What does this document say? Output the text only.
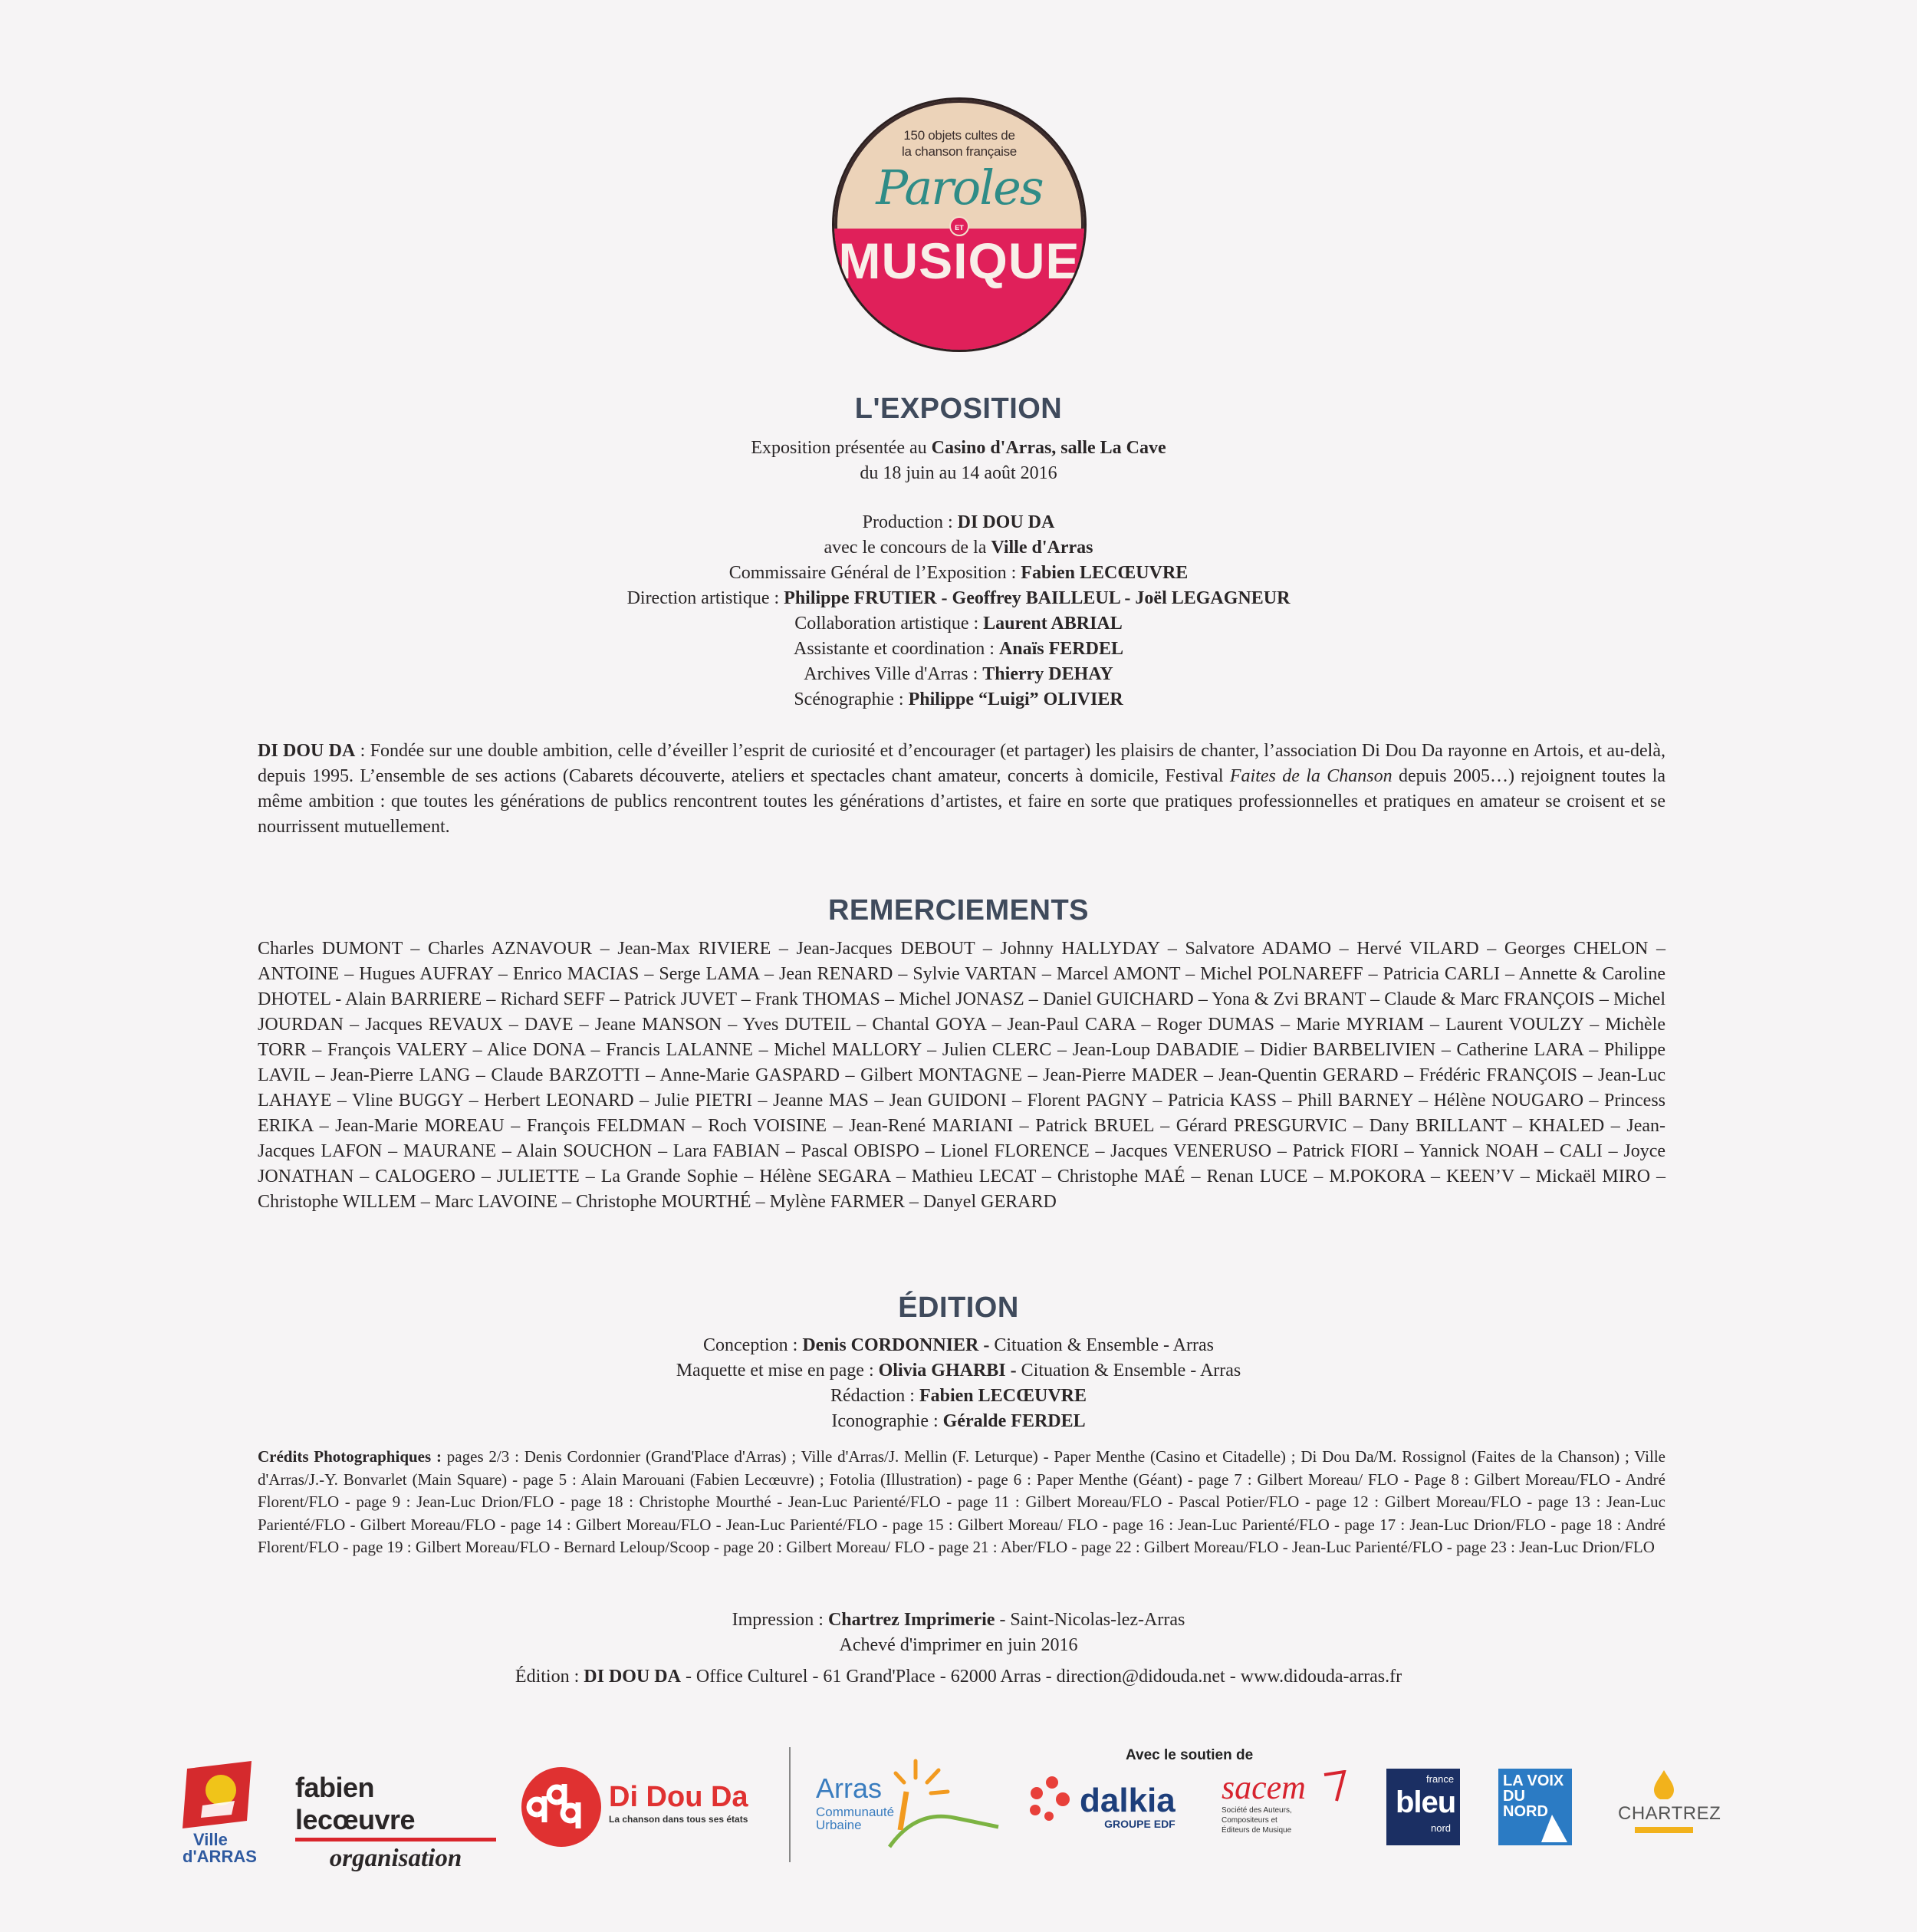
150 objets cultes de
la chanson française
Paroles
ET
MUSIQUE
L'EXPOSITION
Exposition présentée au Casino d'Arras, salle La Cave
du 18 juin au 14 août 2016
Production : DI DOU DA
avec le concours de la Ville d'Arras
Commissaire Général de l’Exposition : Fabien LECŒUVRE
Direction artistique : Philippe FRUTIER - Geoffrey BAILLEUL - Joël LEGAGNEUR
Collaboration artistique : Laurent ABRIAL
Assistante et coordination : Anaïs FERDEL
Archives Ville d'Arras : Thierry DEHAY
Scénographie : Philippe “Luigi” OLIVIER
DI DOU DA : Fondée sur une double ambition, celle d’éveiller l’esprit de curiosité et d’encourager (et partager) les plaisirs de chanter, l’association Di Dou Da rayonne en Artois, et au-delà, depuis 1995. L’ensemble de ses actions (Cabarets découverte, ateliers et spectacles chant amateur, concerts à domicile, Festival Faites de la Chanson depuis 2005…) rejoignent toutes la même ambition : que toutes les générations de publics rencontrent toutes les générations d’artistes, et faire en sorte que pratiques professionnelles et pratiques en amateur se croisent et se nourrissent mutuellement.
REMERCIEMENTS
Charles DUMONT – Charles AZNAVOUR – Jean-Max RIVIERE – Jean-Jacques DEBOUT – Johnny HALLYDAY – Salvatore ADAMO – Hervé VILARD – Georges CHELON – ANTOINE – Hugues AUFRAY – Enrico MACIAS – Serge LAMA – Jean RENARD – Sylvie VARTAN – Marcel AMONT – Michel POLNAREFF – Patricia CARLI – Annette & Caroline DHOTEL - Alain BARRIERE – Richard SEFF – Patrick JUVET – Frank THOMAS – Michel JONASZ – Daniel GUICHARD – Yona & Zvi BRANT – Claude & Marc FRANÇOIS – Michel JOURDAN – Jacques REVAUX – DAVE – Jeane MANSON – Yves DUTEIL – Chantal GOYA – Jean-Paul CARA – Roger DUMAS – Marie MYRIAM – Laurent VOULZY – Michèle TORR – François VALERY – Alice DONA – Francis LALANNE – Michel MALLORY – Julien CLERC – Jean-Loup DABADIE – Didier BARBELIVIEN – Catherine LARA – Philippe LAVIL – Jean-Pierre LANG – Claude BARZOTTI – Anne-Marie GASPARD – Gilbert MONTAGNE – Jean-Pierre MADER – Jean-Quentin GERARD – Frédéric FRANÇOIS – Jean-Luc LAHAYE – Vline BUGGY – Herbert LEONARD – Julie PIETRI – Jeanne MAS – Jean GUIDONI – Florent PAGNY – Patricia KASS – Phill BARNEY – Hélène NOUGARO – Princess ERIKA – Jean-Marie MOREAU – François FELDMAN – Roch VOISINE – Jean-René MARIANI – Patrick BRUEL – Gérard PRESGURVIC – Dany BRILLANT – KHALED – Jean-Jacques LAFON – MAURANE – Alain SOUCHON – Lara FABIAN – Pascal OBISPO – Lionel FLORENCE – Jacques VENERUSO – Patrick FIORI – Yannick NOAH – CALI – Joyce JONATHAN – CALOGERO – JULIETTE – La Grande Sophie – Hélène SEGARA – Mathieu LECAT – Christophe MAÉ – Renan LUCE – M.POKORA – KEEN’V – Mickaël MIRO – Christophe WILLEM – Marc LAVOINE – Christophe MOURTHÉ – Mylène FARMER – Danyel GERARD
ÉDITION
Conception : Denis CORDONNIER - Cituation & Ensemble - Arras
Maquette et mise en page : Olivia GHARBI - Cituation & Ensemble - Arras
Rédaction : Fabien LECŒUVRE
Iconographie : Géralde FERDEL
Crédits Photographiques : pages 2/3 : Denis Cordonnier (Grand'Place d'Arras) ; Ville d'Arras/J. Mellin (F. Leturque) - Paper Menthe (Casino et Citadelle) ; Di Dou Da/M. Rossignol (Faites de la Chanson) ; Ville d'Arras/J.-Y. Bonvarlet (Main Square) - page 5 : Alain Marouani (Fabien Lecœuvre) ; Fotolia (Illustration) - page 6 : Paper Menthe (Géant) - page 7 : Gilbert Moreau/ FLO - Page 8 : Gilbert Moreau/FLO - André Florent/FLO - page 9 : Jean-Luc Drion/FLO - page 18 : Christophe Mourthé - Jean-Luc Parienté/FLO - page 11 : Gilbert Moreau/FLO - Pascal Potier/FLO - page 12 : Gilbert Moreau/FLO - page 13 : Jean-Luc Parienté/FLO - Gilbert Moreau/FLO - page 14 : Gilbert Moreau/FLO - Jean-Luc Parienté/FLO - page 15 : Gilbert Moreau/ FLO - page 16 : Jean-Luc Parienté/FLO - page 17 : Jean-Luc Drion/FLO - page 18 : André Florent/FLO - page 19 : Gilbert Moreau/FLO - Bernard Leloup/Scoop - page 20 : Gilbert Moreau/ FLO - page 21 : Aber/FLO - page 22 : Gilbert Moreau/FLO - Jean-Luc Parienté/FLO - page 23 : Jean-Luc Drion/FLO
Impression : Chartrez Imprimerie - Saint-Nicolas-lez-Arras
Achevé d'imprimer en juin 2016
Édition : DI DOU DA - Office Culturel - 61 Grand'Place - 62000 Arras - direction@didouda.net - www.didouda-arras.fr
Avec le soutien de
Ville
d'ARRAS
fabien lecœuvre
organisation
Di Dou Da
La chanson dans tous ses états
Arras
Communauté
Urbaine
dalkia
GROUPE EDF
sacem
Société des Auteurs,
Compositeurs et
Éditeurs de Musique
france
bleu
nord
LA VOIX
DU
NORD	CHARTREZ
